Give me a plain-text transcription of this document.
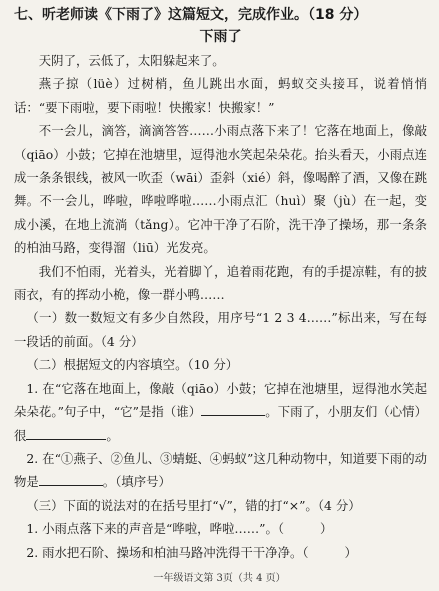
七、听老师读《下雨了》这篇短文，完成作业。（18 分）

下雨了

天阴了，云低了，太阳躲起来了。

燕子掠（lüè）过树梢，鱼儿跳出水面，蚂蚁交头接耳，说着悄悄话：“要下雨啦，要下雨啦！快搬家！快搬家！”

不一会儿，滴答，滴滴答答……小雨点落下来了！它落在地面上，像敲（qiāo）小鼓；它掉在池塘里，逗得池水笑起朵朵花。抬头看天，小雨点连成一条条银线，被风一吹歪（wāi）歪斜（xié）斜，像喝醉了酒，又像在跳舞。不一会儿，哗啦，哗啦哗啦……小雨点汇（huì）聚（jù）在一起，变成小溪，在地上流淌（tǎng）。它冲干净了石阶，洗干净了操场，那一条条的柏油马路，变得溜（liū）光发亮。

我们不怕雨，光着头，光着脚丫，追着雨花跑，有的手提凉鞋，有的披雨衣，有的挥动小桅，像一群小鸭……

（一）数一数短文有多少自然段，用序号“1 2 3 4……”标出来，写在每一段话的前面。（4 分）

（二）根据短文的内容填空。（10 分）

1. 在“它落在地面上，像敲（qiāo）小鼓；它掉在池塘里，逗得池水笑起朵朵花。”句子中，“它”是指（谁）	。下雨了，小朋友们（心情）很	。

2. 在“①燕子、②鱼儿、③蜻蜓、④蚂蚁”这几种动物中，知道要下雨的动物是	。（填序号）

（三）下面的说法对的在括号里打“√”，错的打“×”。（4 分）

1. 小雨点落下来的声音是“哗啦，哗啦……”。（	）

2. 雨水把石阶、操场和柏油马路冲洗得干干净净。（	）

一年级语文第 3页（共 4 页）
